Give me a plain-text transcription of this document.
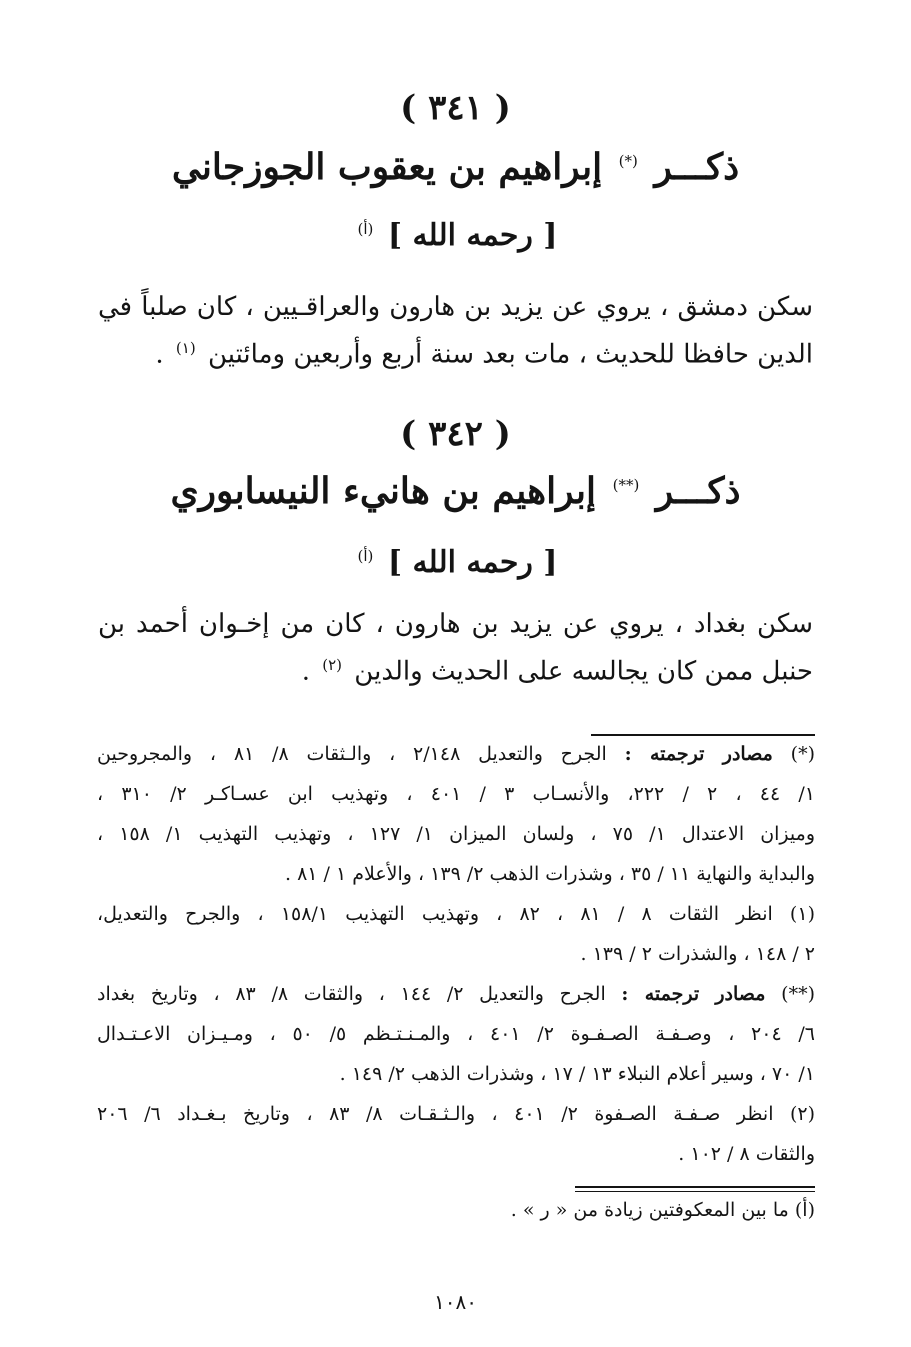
( ٣٤١ )
ذكـــر (*) إبراهيم بن يعقوب الجوزجاني
[ رحمه الله ] $^{(أ)}$
سكن دمشق ، يروي عن يزيد بن هارون والعراقـيين ، كان صلباً في
الدين حافظا للحديث ، مات بعد سنة أربع وأربعين ومائتين $^{(١)}$ .
( ٣٤٢ )
ذكـــر (**) إبراهيم بن هانيء النيسابوري
[ رحمه الله ] $^{(أ)}$
سكن بغداد ، يروي عن يزيد بن هارون ، كان من إخـوان أحمد بن
حنبل ممن كان يجالسه على الحديث والدين $^{(٢)}$ .
(*) مصادر ترجمته : الجرح والتعديل ٢/١٤٨ ، والـثقات ٨/ ٨١ ، والمجروحين
١/ ٤٤ ، ٢ / ٢٢٢، والأنسـاب ٣ / ٤٠١ ، وتهذيب ابن عسـاكـر ٢/ ٣١٠ ،
وميزان الاعتدال ١/ ٧٥ ، ولسان الميزان ١/ ١٢٧ ، وتهذيب التهذيب ١/ ١٥٨ ،
والبداية والنهاية ١١ / ٣٥ ، وشذرات الذهب ٢/ ١٣٩ ، والأعلام ١ / ٨١ .
(١) انظر الثقات ٨ / ٨١ ، ٨٢ ، وتهذيب التهذيب ١٥٨/١ ، والجرح والتعديل،
٢ / ١٤٨ ، والشذرات ٢ / ١٣٩ .
(**) مصادر ترجمته : الجرح والتعديل ٢/ ١٤٤ ، والثقات ٨/ ٨٣ ، وتاريخ بغداد
٦/ ٢٠٤ ، وصـفـة الصـفـوة ٢/ ٤٠١ ، والمـنـتـظم ٥/ ٥٠ ، ومـيـزان الاعـتـدال
١/ ٧٠ ، وسير أعلام النبلاء ١٣ / ١٧ ، وشذرات الذهب ٢/ ١٤٩ .
(٢) انظر صـفـة الصـفوة ٢/ ٤٠١ ، والـثـقـات ٨/ ٨٣ ، وتاريخ بـغـداد ٦/ ٢٠٦
والثقات ٨ / ١٠٢ .
(أ) ما بين المعكوفتين زيادة من « ر » .
١٠٨٠
